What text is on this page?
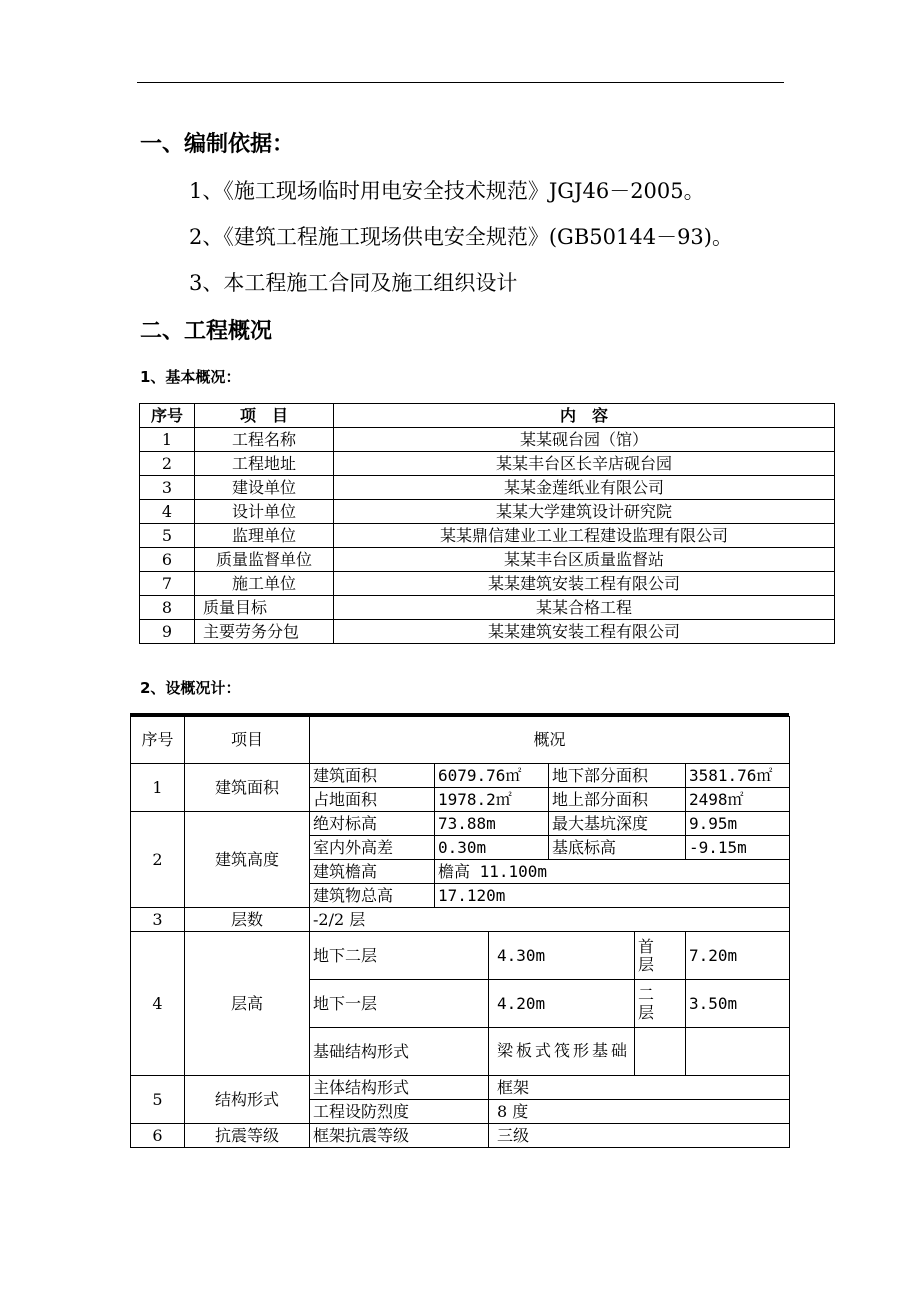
一、编制依据：
1、《施工现场临时用电安全技术规范》JGJ46－2005。
2、《建筑工程施工现场供电安全规范》(GB50144－93)。
3、本工程施工合同及施工组织设计
二、工程概况
1、基本概况：
序号	项　目	内　容
1	工程名称	某某砚台园（馆）
2	工程地址	某某丰台区长辛店砚台园
3	建设单位	某某金莲纸业有限公司
4	设计单位	某某大学建筑设计研究院
5	监理单位	某某鼎信建业工业工程建设监理有限公司
6	质量监督单位	某某丰台区质量监督站
7	施工单位	某某建筑安装工程有限公司
8	质量目标	某某合格工程
9	主要劳务分包	某某建筑安装工程有限公司
2、设概况计：
序号	项目	概况					
1	建筑面积	建筑面积	6079.76㎡		地下部分面积		3581.76㎡
		占地面积	1978.2㎡		地上部分面积		2498㎡
2	建筑高度	绝对标高	73.88m		最大基坑深度		9.95m
		室内外高差	0.30m		基底标高		-9.15m
		建筑檐高	檐高 11.100m				
		建筑物总高	17.120m				
3	层数	-2/2 层					
4	层高	地下二层		4.30m		首层	7.20m
		地下一层		4.20m		二层	3.50m
		基础结构形式		梁板式筏形基础			
5	结构形式	主体结构形式		框架			
		工程设防烈度		8 度			
6	抗震等级	框架抗震等级		三级			
